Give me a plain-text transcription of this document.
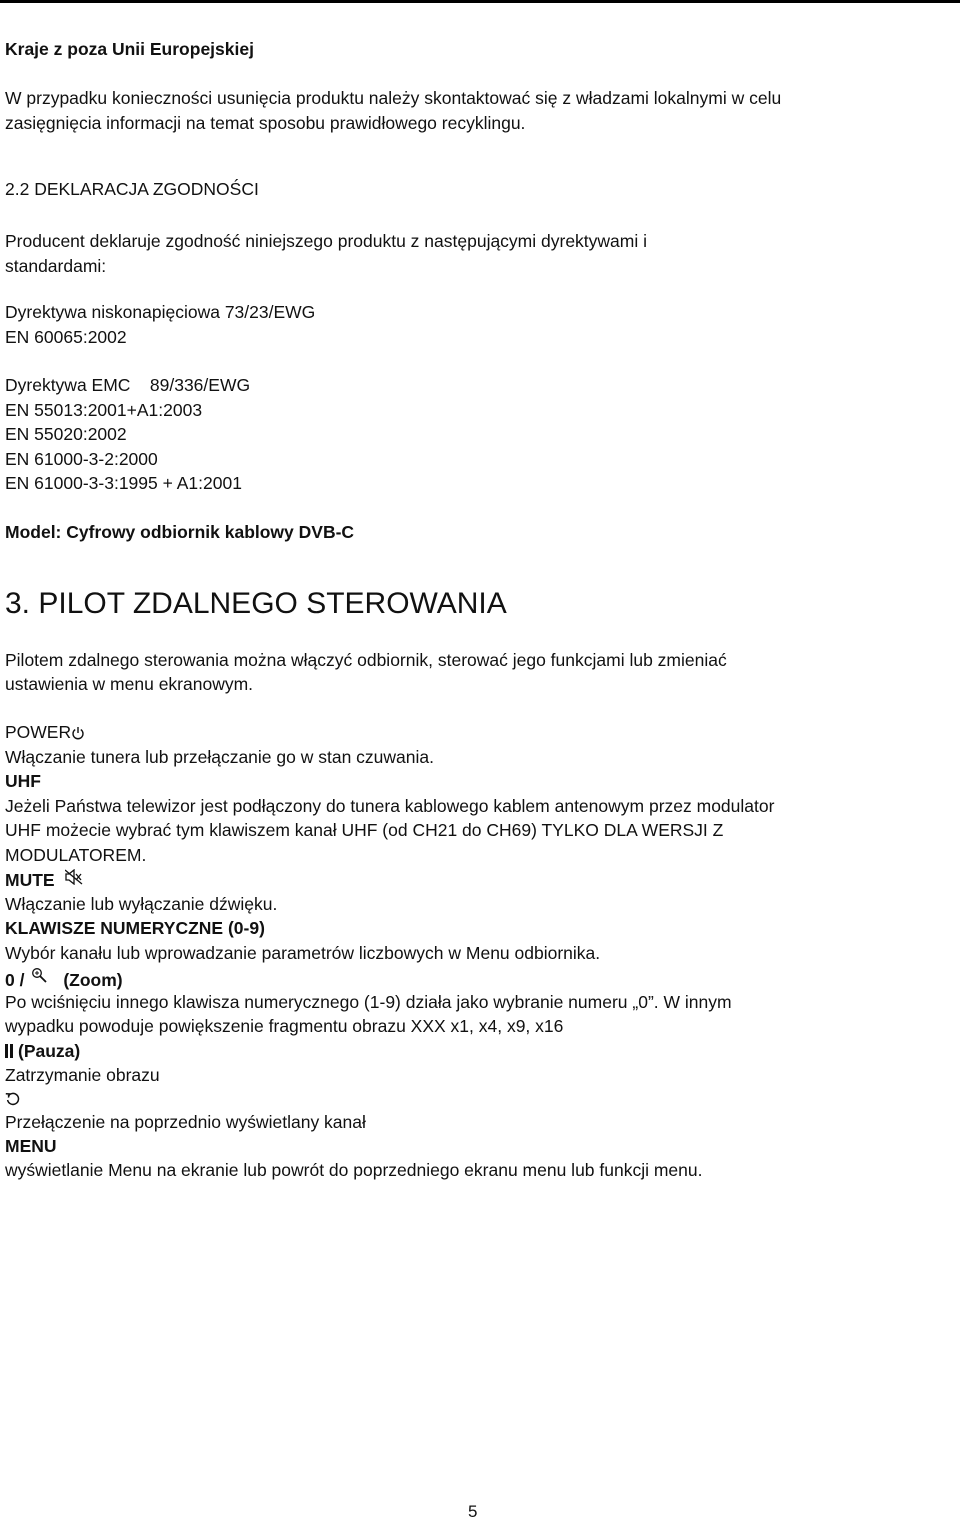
Kraje z poza Unii Europejskiej

W przypadku konieczności usunięcia produktu należy skontaktować się z władzami lokalnymi w celu

zasięgnięcia informacji na temat sposobu prawidłowego recyklingu.

2.2 DEKLARACJA ZGODNOŚCI

Producent deklaruje zgodność niniejszego produktu z następującymi dyrektywami i

standardami:

Dyrektywa niskonapięciowa 73/23/EWG

EN 60065:2002

Dyrektywa EMC    89/336/EWG

EN 55013:2001+A1:2003

EN 55020:2002

EN 61000-3-2:2000

EN 61000-3-3:1995 + A1:2001

Model: Cyfrowy odbiornik kablowy DVB-C

3. PILOT ZDALNEGO STEROWANIA

Pilotem zdalnego sterowania można włączyć odbiornik, sterować jego funkcjami lub zmieniać

ustawienia w menu ekranowym.

POWER

Włączanie tunera lub przełączanie go w stan czuwania.

UHF

Jeżeli Państwa telewizor jest podłączony do tunera kablowego kablem antenowym przez modulator

UHF możecie wybrać tym klawiszem kanał UHF (od CH21 do CH69) TYLKO DLA WERSJI Z

MODULATOREM.

MUTE

Włączanie lub wyłączanie dźwięku.

KLAWISZE NUMERYCZNE (0-9)

Wybór kanału lub wprowadzanie parametrów liczbowych w Menu odbiornika.

0 / (Zoom)

Po wciśnięciu innego klawisza numerycznego (1-9) działa jako wybranie numeru „0”. W innym

wypadku powoduje powiększenie fragmentu obrazu XXX x1, x4, x9, x16

(Pauza)

Zatrzymanie obrazu

Przełączenie na poprzednio wyświetlany kanał

MENU

wyświetlanie Menu na ekranie lub powrót do poprzedniego ekranu menu lub funkcji menu.

5
